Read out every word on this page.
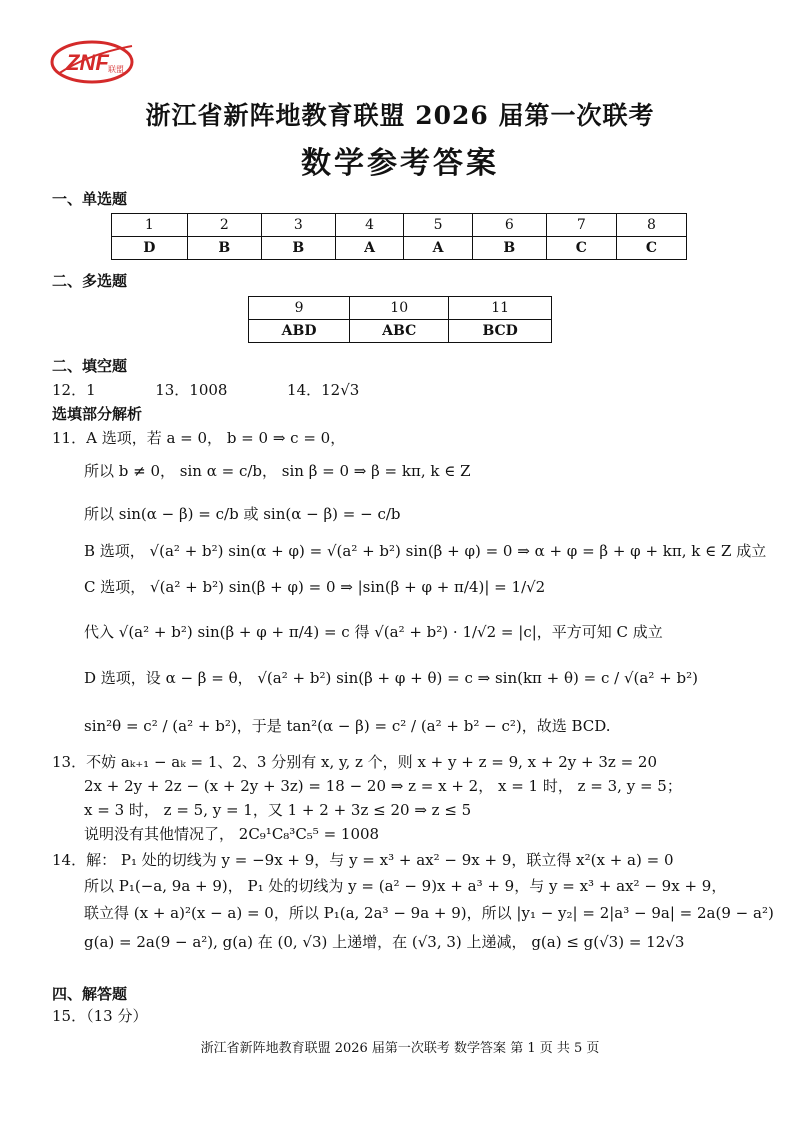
ZNF 联盟
浙江省新阵地教育联盟 2026 届第一次联考
数学参考答案
一、单选题
1	2	3	4	5	6	7	8
D	B	B	A	A	B	C	C
二、多选题
9	10	11
ABD	ABC	BCD
二、填空题
12．1	13．1008	14．12√3
选填部分解析
11．A 选项，若 a = 0， b = 0 ⇒ c = 0，
所以 b ≠ 0， sin α = c/b， sin β = 0 ⇒ β = kπ, k ∈ Z
所以 sin(α − β) = c/b 或 sin(α − β) = − c/b
B 选项， √(a² + b²) sin(α + φ) = √(a² + b²) sin(β + φ) = 0 ⇒ α + φ = β + φ + kπ, k ∈ Z 成立
C 选项， √(a² + b²) sin(β + φ) = 0 ⇒ |sin(β + φ + π/4)| = 1/√2
代入 √(a² + b²) sin(β + φ + π/4) = c 得 √(a² + b²) · 1/√2 = |c|，平方可知 C 成立
D 选项，设 α − β = θ， √(a² + b²) sin(β + φ + θ) = c ⇒ sin(kπ + θ) = c / √(a² + b²)
sin²θ = c² / (a² + b²)，于是 tan²(α − β) = c² / (a² + b² − c²)，故选 BCD.
13．不妨 aₖ₊₁ − aₖ = 1、2、3 分别有 x, y, z 个，则 x + y + z = 9, x + 2y + 3z = 20
2x + 2y + 2z − (x + 2y + 3z) = 18 − 20 ⇒ z = x + 2， x = 1 时， z = 3, y = 5；
x = 3 时， z = 5, y = 1，又 1 + 2 + 3z ≤ 20 ⇒ z ≤ 5
说明没有其他情况了， 2C₉¹C₈³C₅⁵ = 1008
14．解： P₁ 处的切线为 y = −9x + 9，与 y = x³ + ax² − 9x + 9，联立得 x²(x + a) = 0
所以 P₁(−a, 9a + 9)， P₁ 处的切线为 y = (a² − 9)x + a³ + 9，与 y = x³ + ax² − 9x + 9，
联立得 (x + a)²(x − a) = 0，所以 P₁(a, 2a³ − 9a + 9)，所以 |y₁ − y₂| = 2|a³ − 9a| = 2a(9 − a²)
g(a) = 2a(9 − a²), g(a) 在 (0, √3) 上递增，在 (√3, 3) 上递减， g(a) ≤ g(√3) = 12√3
四、解答题
15．（13 分）
浙江省新阵地教育联盟 2026 届第一次联考 数学答案 第 1 页 共 5 页
